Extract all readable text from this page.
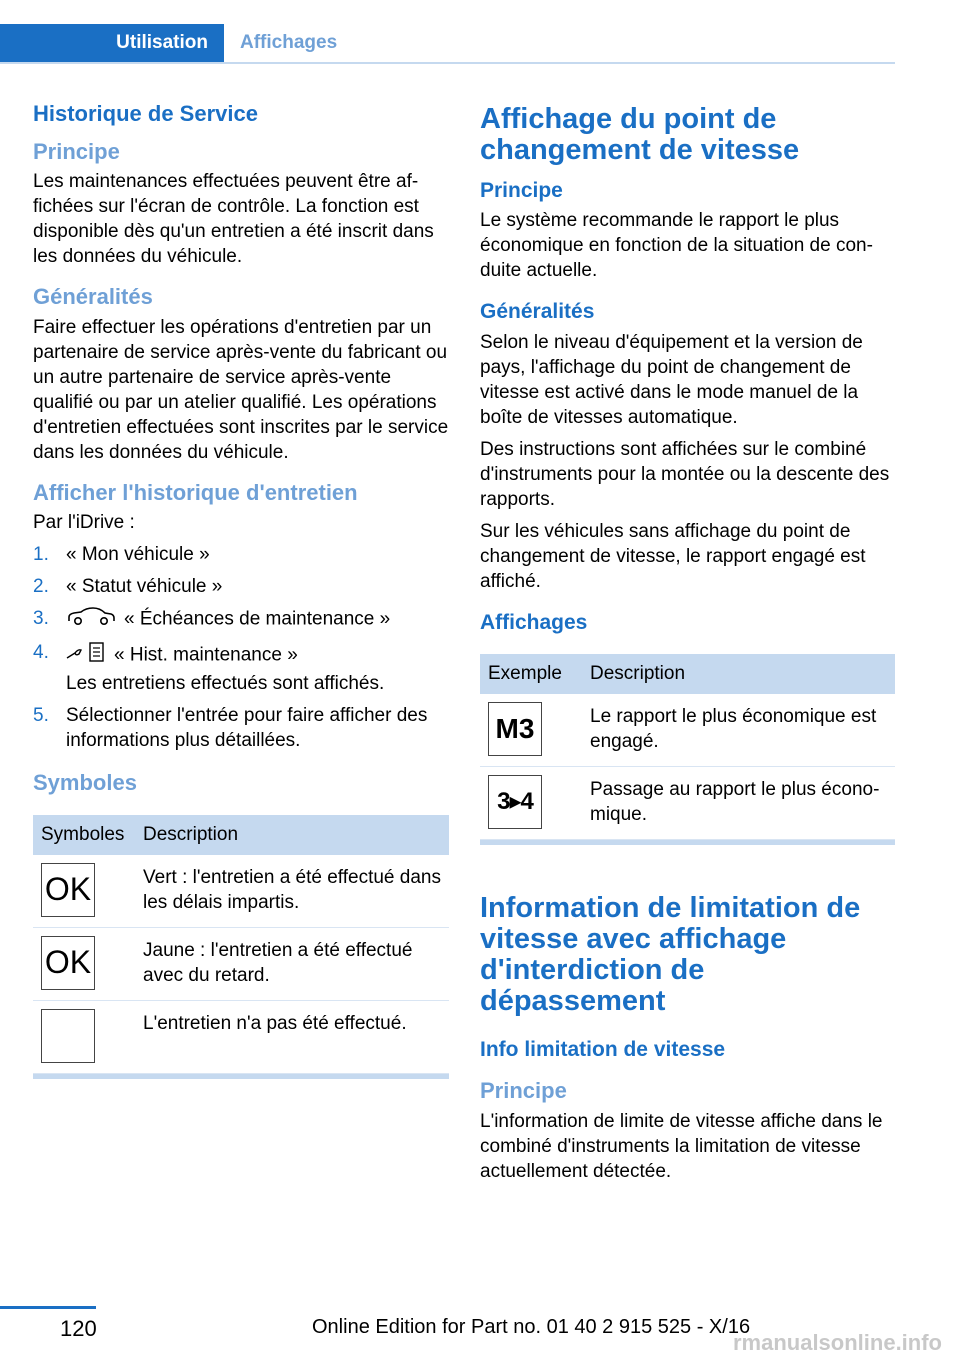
Utilisation Affichages
Historique de Service
Principe

Les maintenances effectuées peuvent être affichées sur l'écran de contrôle. La fonction est disponible dès qu'un entretien a été inscrit dans les données du véhicule.

Généralités

Faire effectuer les opérations d'entretien par un partenaire de service après-vente du fabricant ou un autre partenaire de service après-vente qualifié ou par un atelier qualifié. Les opérations d'entretien effectuées sont inscrites par le service dans les données du véhicule.

Afficher l'historique d'entretien

Par l'iDrive :

1. « Mon véhicule »
2. « Statut véhicule »
3.	« Échéances de maintenance »
4.	« Hist. maintenance »
Les entretiens effectués sont affichés.
5. Sélectionner l'entrée pour faire afficher des informations plus détaillées.
Symboles
Symboles	Description

OK	Vert : l'entretien a été effectué dans les délais impartis.

OK	Jaune : l'entretien a été effectué avec du retard.

	L'entretien n'a pas été effectué.
Affichage du point de changement de vitesse
Principe

Le système recommande le rapport le plus économique en fonction de la situation de conduite actuelle.

Généralités

Selon le niveau d'équipement et la version de pays, l'affichage du point de changement de vitesse est activé dans le mode manuel de la boîte de vitesses automatique.

Des instructions sont affichées sur le combiné d'instruments pour la montée ou la descente des rapports.

Sur les véhicules sans affichage du point de changement de vitesse, le rapport engagé est affiché.

Affichages
Exemple	Description

M3	Le rapport le plus économique est engagé.

3▸4	Passage au rapport le plus économique.
Information de limitation de vitesse avec affichage d'interdiction de dépassement
Info limitation de vitesse
Principe

L'information de limite de vitesse affiche dans le combiné d'instruments la limitation de vitesse actuellement détectée.

120	Online Edition for Part no. 01 40 2 915 525 - X/16
rmanualsonline.info
